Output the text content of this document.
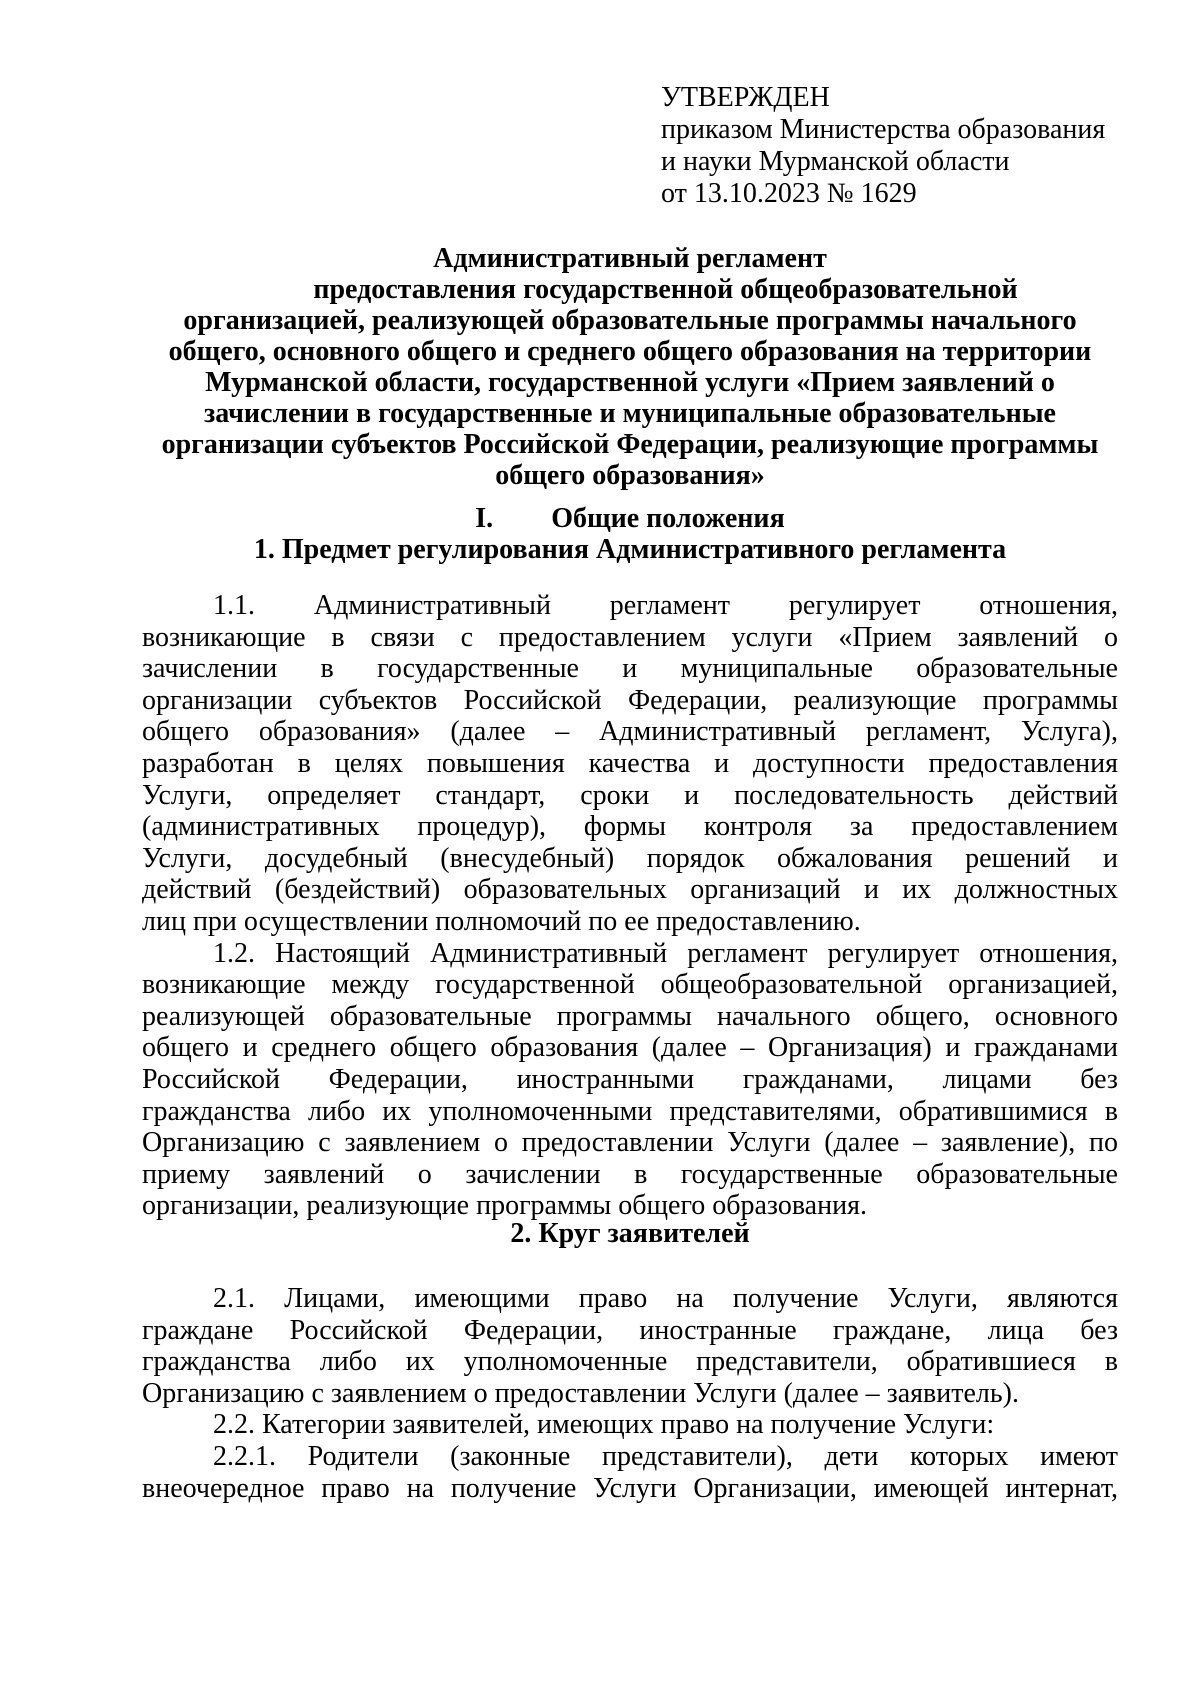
УТВЕРЖДЕН
приказом Министерства образования
и науки Мурманской области
от 13.10.2023 № 1629
Административный регламент
предоставления государственной общеобразовательной
организацией, реализующей образовательные программы начального
общего, основного общего и среднего общего образования на территории
Мурманской области, государственной услуги «Прием заявлений о
зачислении в государственные и муниципальные образовательные
организации субъектов Российской Федерации, реализующие программы
общего образования»
I. Общие положения
1. Предмет регулирования Административного регламента
1.1. Административный регламент регулирует отношения,
возникающие в связи с предоставлением услуги «Прием заявлений о
зачислении в государственные и муниципальные образовательные
организации субъектов Российской Федерации, реализующие программы
общего образования» (далее – Административный регламент, Услуга),
разработан в целях повышения качества и доступности предоставления
Услуги, определяет стандарт, сроки и последовательность действий
(административных процедур), формы контроля за предоставлением
Услуги, досудебный (внесудебный) порядок обжалования решений и
действий (бездействий) образовательных организаций и их должностных
лиц при осуществлении полномочий по ее предоставлению.
1.2. Настоящий Административный регламент регулирует отношения,
возникающие между государственной общеобразовательной организацией,
реализующей образовательные программы начального общего, основного
общего и среднего общего образования (далее – Организация) и гражданами
Российской Федерации, иностранными гражданами, лицами без
гражданства либо их уполномоченными представителями, обратившимися в
Организацию с заявлением о предоставлении Услуги (далее – заявление), по
приему заявлений о зачислении в государственные образовательные
организации, реализующие программы общего образования.
2. Круг заявителей
2.1. Лицами, имеющими право на получение Услуги, являются
граждане Российской Федерации, иностранные граждане, лица без
гражданства либо их уполномоченные представители, обратившиеся в
Организацию с заявлением о предоставлении Услуги (далее – заявитель).
2.2. Категории заявителей, имеющих право на получение Услуги:
2.2.1. Родители (законные представители), дети которых имеют
внеочередное право на получение Услуги Организации, имеющей интернат,
